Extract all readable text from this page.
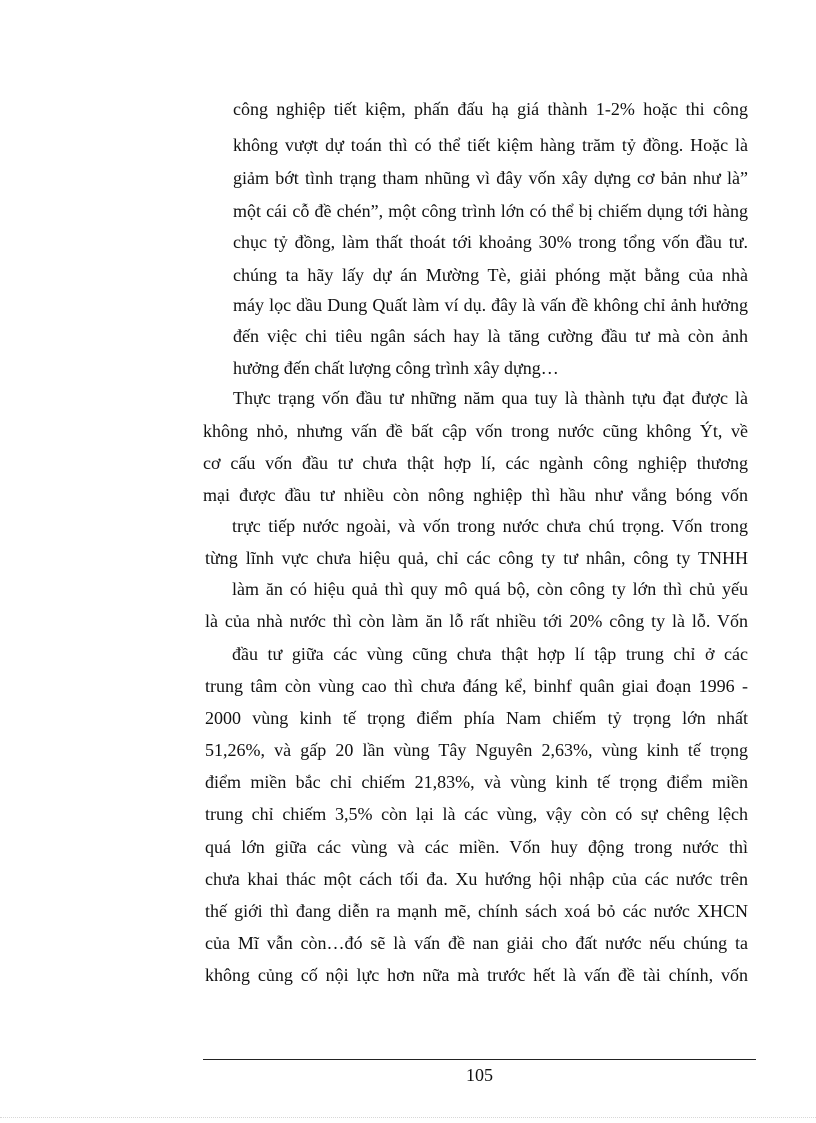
công nghiệp tiết kiệm, phấn đấu hạ giá thành 1-2% hoặc thi công

không vượt dự toán thì có thể tiết kiệm hàng trăm tỷ đồng. Hoặc là

giảm bớt tình trạng tham nhũng vì đây vốn xây dựng cơ bản như là”

một cái cỗ đề chén”, một công trình lớn có thể bị chiếm dụng tới hàng

chục tỷ đồng, làm thất thoát tới khoảng 30% trong tổng vốn đầu tư.

chúng ta hãy lấy dự án Mường Tè, giải phóng mặt bằng của nhà

máy lọc dầu Dung Quất làm ví dụ. đây là vấn đề không chỉ ảnh hưởng

đến việc chi tiêu ngân sách hay là tăng cường đầu tư mà còn ảnh

hưởng đến chất lượng công trình xây dựng…

Thực trạng vốn đầu tư những năm qua tuy là thành tựu đạt được là

không nhỏ, nhưng vấn đề bất cập vốn trong nước cũng không Ýt, về

cơ cấu vốn đầu tư chưa thật hợp lí, các ngành công nghiệp thương

mại được đầu tư nhiều còn nông nghiệp thì hầu như vắng bóng vốn

trực tiếp nước ngoài, và vốn trong nước chưa chú trọng. Vốn trong

từng lĩnh vực chưa hiệu quả, chỉ các công ty tư nhân, công ty TNHH

làm ăn có hiệu quả thì quy mô quá bộ, còn công ty lớn thì chủ yếu

là của nhà nước thì còn làm ăn lỗ rất nhiều tới 20% công ty là lỗ. Vốn

đầu tư giữa các vùng cũng chưa thật hợp lí tập trung chỉ ở các

trung tâm còn vùng cao thì chưa đáng kể, binhf quân giai đoạn 1996 -

2000 vùng kinh tế trọng điểm phía Nam chiếm tỷ trọng lớn nhất

51,26%, và gấp 20 lần vùng Tây Nguyên 2,63%, vùng kinh tế trọng

điểm miền bắc chỉ chiếm 21,83%, và vùng kinh tế trọng điểm miền

trung chỉ chiếm 3,5% còn lại là các vùng, vậy còn có sự chêng lệch

quá lớn giữa các vùng và các miền. Vốn huy động trong nước thì

chưa khai thác một cách tối đa. Xu hướng hội nhập của các nước trên

thế giới thì đang diễn ra mạnh mẽ, chính sách xoá bỏ các nước XHCN

của Mĩ vẫn còn…đó sẽ là vấn đề nan giải cho đất nước nếu chúng ta

không củng cố nội lực hơn nữa mà trước hết là vấn đề tài chính, vốn

105
